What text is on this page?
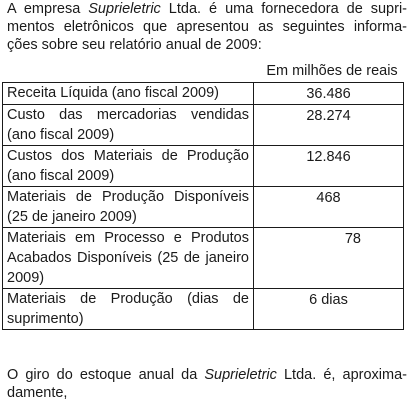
A empresa Suprieletric Ltda. é uma fornecedora de supri-
mentos eletrônicos que apresentou as seguintes informa-
ções sobre seu relatório anual de 2009:
Em milhões de reais
Receita Líquida (ano fiscal 2009)	36.486

Custo das mercadorias vendidas
(ano fiscal 2009)	28.274

Custos dos Materiais de Produção
(ano fiscal 2009)	12.846

Materiais de Produção Disponíveis
(25 de janeiro 2009)	468

Materiais em Processo e Produtos
Acabados Disponíveis (25 de janeiro
2009)	78

Materiais de Produção (dias de
suprimento)	6 dias
O giro do estoque anual da Suprieletric Ltda. é, aproxima-
damente,
